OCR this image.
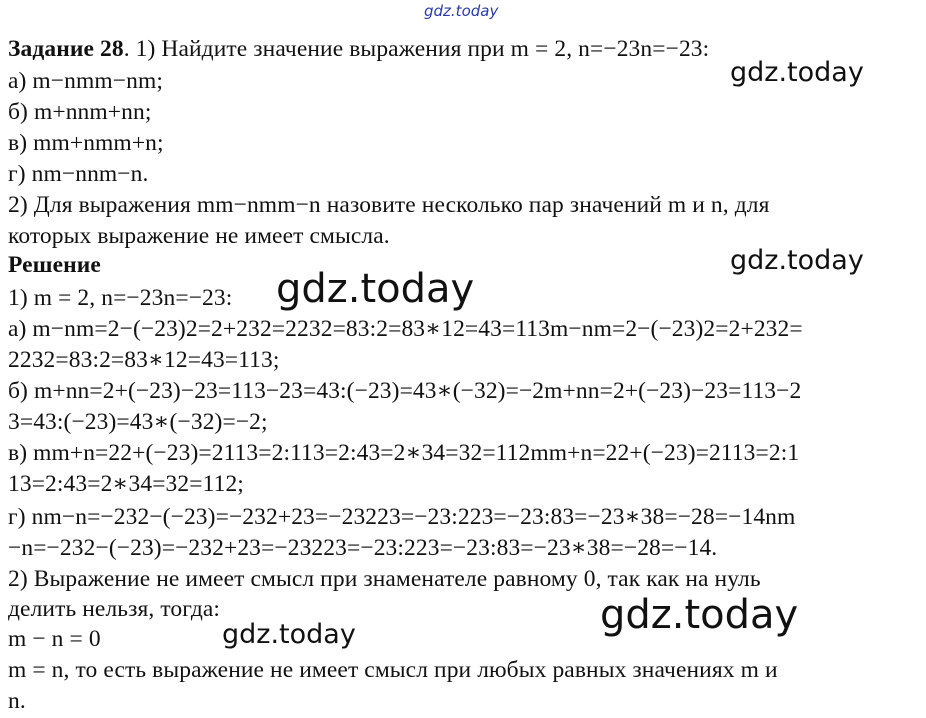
gdz.today
Задание 28. 1) Найдите значение выражения при m = 2, n=−23n=−23:
а) m−nmm−nm;
б) m+nnm+nn;
в) mm+nmm+n;
г) nm−nnm−n.
2) Для выражения mm−nmm−n назовите несколько пар значений m и n, для
которых выражение не имеет смысла.
Решение
1) m = 2, n=−23n=−23:
а) m−nm=2−(−23)2=2+232=2232=83:2=83∗12=43=113m−nm=2−(−23)2=2+232=
2232=83:2=83∗12=43=113;
б) m+nn=2+(−23)−23=113−23=43:(−23)=43∗(−32)=−2m+nn=2+(−23)−23=113−2
3=43:(−23)=43∗(−32)=−2;
в) mm+n=22+(−23)=2113=2:113=2:43=2∗34=32=112mm+n=22+(−23)=2113=2:1
13=2:43=2∗34=32=112;
г) nm−n=−232−(−23)=−232+23=−23223=−23:223=−23:83=−23∗38=−28=−14nm
−n=−232−(−23)=−232+23=−23223=−23:223=−23:83=−23∗38=−28=−14.
2) Выражение не имеет смысл при знаменателе равному 0, так как на нуль
делить нельзя, тогда:
m − n = 0
m = n, то есть выражение не имеет смысл при любых равных значениях m и
n.
gdz.today
gdz.today
gdz.today
gdz.today
gdz.today
